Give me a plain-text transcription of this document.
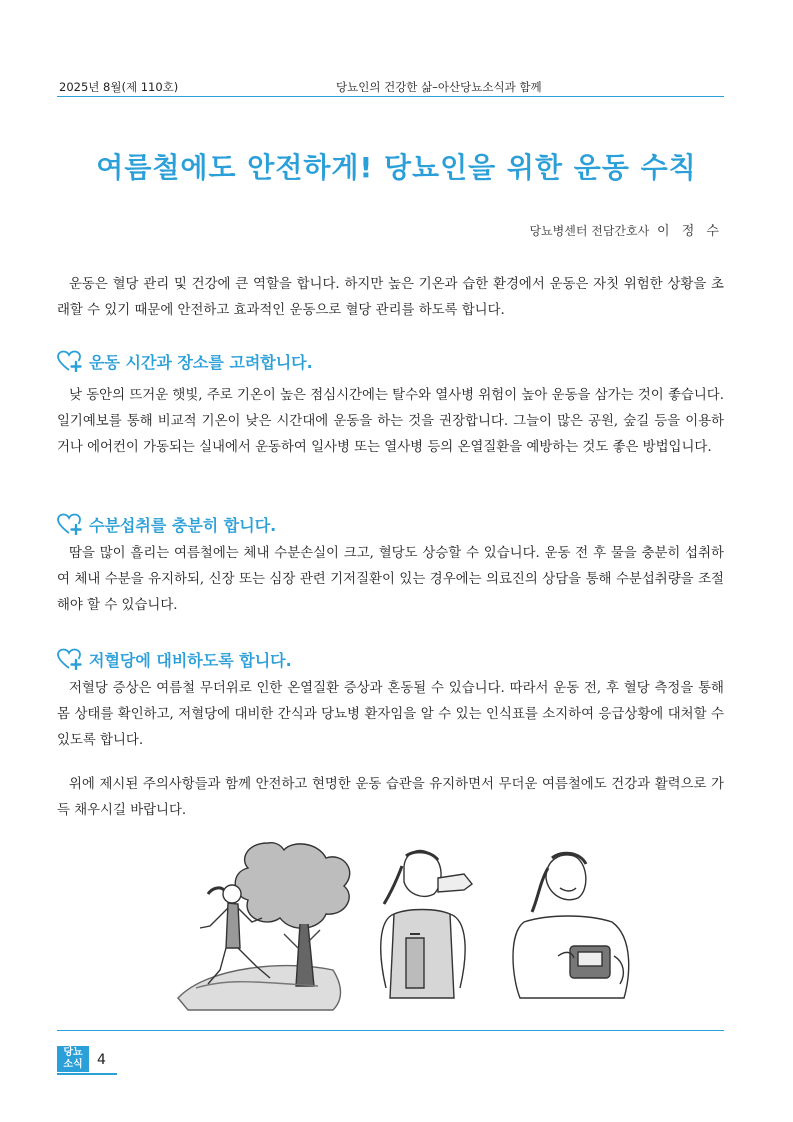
2025년 8월(제 110호)	당뇨인의 건강한 삶–아산당뇨소식과 함께
여름철에도 안전하게! 당뇨인을 위한 운동 수칙
당뇨병센터 전담간호사 이 정 수

운동은 혈당 관리 및 건강에 큰 역할을 합니다. 하지만 높은 기온과 습한 환경에서 운동은 자칫 위험한 상황을 초래할 수 있기 때문에 안전하고 효과적인 운동으로 혈당 관리를 하도록 합니다.

운동 시간과 장소를 고려합니다.

낮 동안의 뜨거운 햇빛, 주로 기온이 높은 점심시간에는 탈수와 열사병 위험이 높아 운동을 삼가는 것이 좋습니다. 일기예보를 통해 비교적 기온이 낮은 시간대에 운동을 하는 것을 권장합니다. 그늘이 많은 공원, 숲길 등을 이용하거나 에어컨이 가동되는 실내에서 운동하여 일사병 또는 열사병 등의 온열질환을 예방하는 것도 좋은 방법입니다.

수분섭취를 충분히 합니다.

땀을 많이 흘리는 여름철에는 체내 수분손실이 크고, 혈당도 상승할 수 있습니다. 운동 전 후 물을 충분히 섭취하여 체내 수분을 유지하되, 신장 또는 심장 관련 기저질환이 있는 경우에는 의료진의 상담을 통해 수분섭취량을 조절해야 할 수 있습니다.

저혈당에 대비하도록 합니다.

저혈당 증상은 여름철 무더위로 인한 온열질환 증상과 혼동될 수 있습니다. 따라서 운동 전, 후 혈당 측정을 통해 몸 상태를 확인하고, 저혈당에 대비한 간식과 당뇨병 환자임을 알 수 있는 인식표를 소지하여 응급상황에 대처할 수 있도록 합니다.

위에 제시된 주의사항들과 함께 안전하고 현명한 운동 습관을 유지하면서 무더운 여름철에도 건강과 활력으로 가득 채우시길 바랍니다.

당뇨
소식	4
